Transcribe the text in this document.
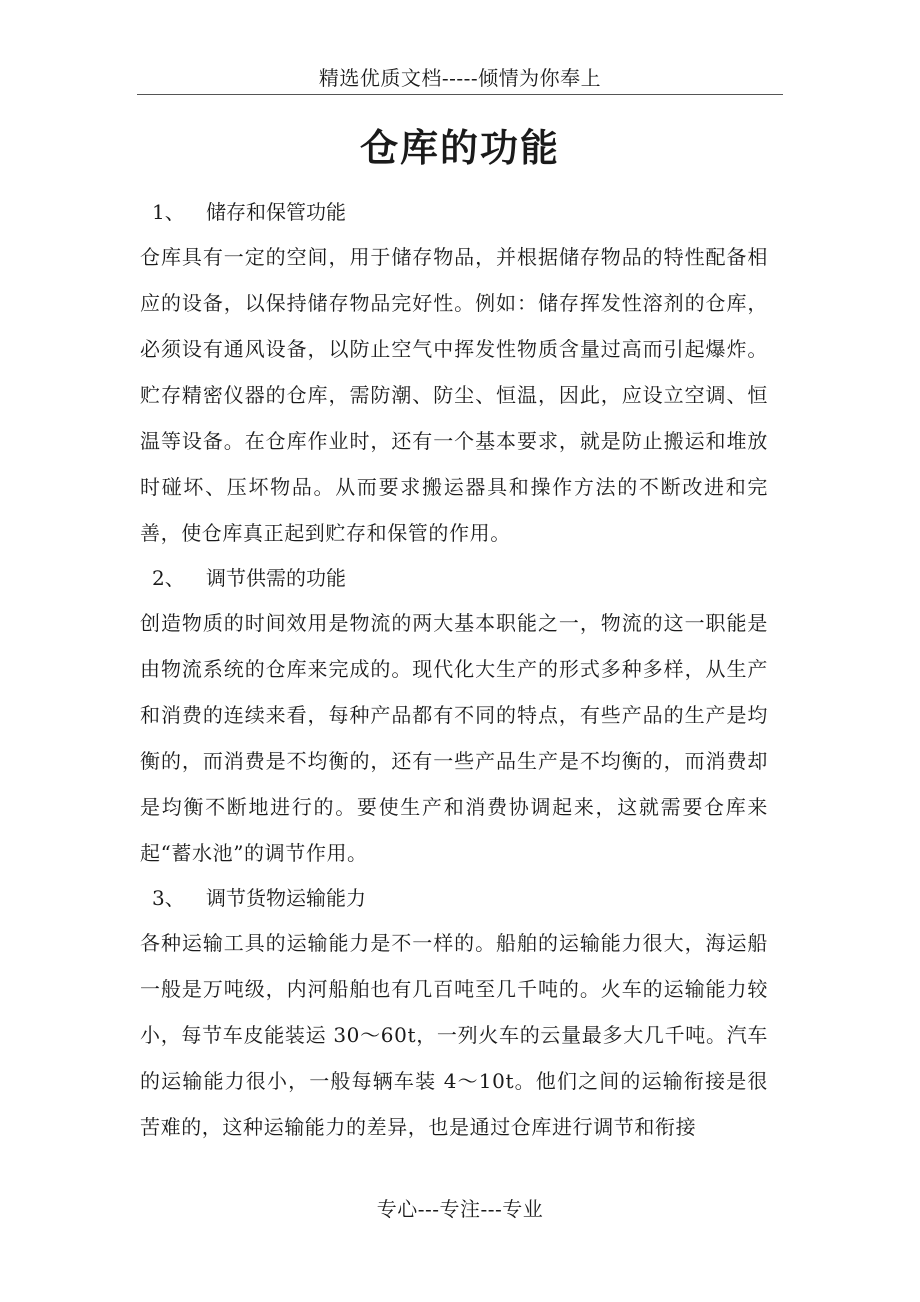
精选优质文档-----倾情为你奉上
仓库的功能
1、	储存和保管功能

仓库具有一定的空间，用于储存物品，并根据储存物品的特性配备相应的设备，以保持储存物品完好性。例如：储存挥发性溶剂的仓库，必须设有通风设备，以防止空气中挥发性物质含量过高而引起爆炸。贮存精密仪器的仓库，需防潮、防尘、恒温，因此，应设立空调、恒温等设备。在仓库作业时，还有一个基本要求，就是防止搬运和堆放时碰坏、压坏物品。从而要求搬运器具和操作方法的不断改进和完善，使仓库真正起到贮存和保管的作用。

2、	调节供需的功能

创造物质的时间效用是物流的两大基本职能之一，物流的这一职能是由物流系统的仓库来完成的。现代化大生产的形式多种多样，从生产和消费的连续来看，每种产品都有不同的特点，有些产品的生产是均衡的，而消费是不均衡的，还有一些产品生产是不均衡的，而消费却是均衡不断地进行的。要使生产和消费协调起来，这就需要仓库来起“蓄水池”的调节作用。

3、	调节货物运输能力

各种运输工具的运输能力是不一样的。船舶的运输能力很大，海运船一般是万吨级，内河船舶也有几百吨至几千吨的。火车的运输能力较小，每节车皮能装运 30～60t，一列火车的云量最多大几千吨。汽车的运输能力很小，一般每辆车装 4～10t。他们之间的运输衔接是很苦难的，这种运输能力的差异，也是通过仓库进行调节和衔接

专心---专注---专业
